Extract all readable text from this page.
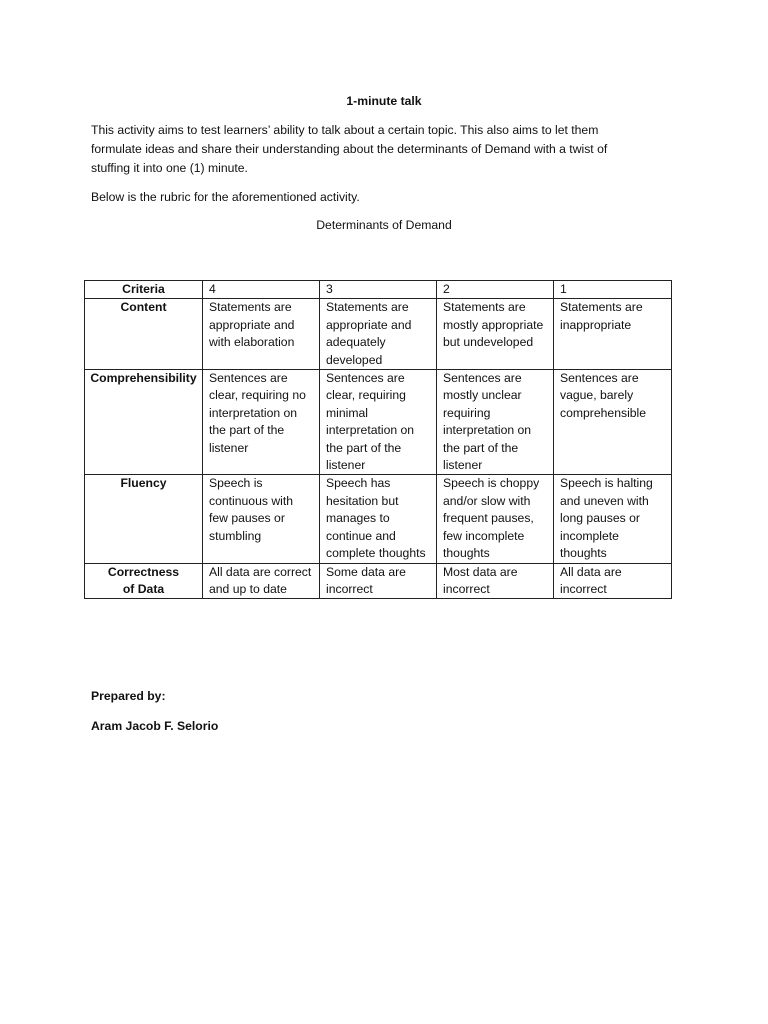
1-minute talk

This activity aims to test learners’ ability to talk about a certain topic. This also aims to let them
formulate ideas and share their understanding about the determinants of Demand with a twist of
stuffing it into one (1) minute.

Below is the rubric for the aforementioned activity.

Determinants of Demand
Criteria	4	3	2	1
Content	Statements are appropriate and with elaboration	Statements are appropriate and adequately developed	Statements are mostly appropriate but undeveloped	Statements are inappropriate
Comprehensibility	Sentences are clear, requiring no interpretation on the part of the listener	Sentences are clear, requiring minimal interpretation on the part of the listener	Sentences are mostly unclear requiring interpretation on the part of the listener	Sentences are vague, barely comprehensible
Fluency	Speech is continuous with few pauses or stumbling	Speech has hesitation but manages to continue and complete thoughts	Speech is choppy and/or slow with frequent pauses, few incomplete thoughts	Speech is halting and uneven with long pauses or incomplete thoughts
Correctness of Data	All data are correct and up to date	Some data are incorrect	Most data are incorrect	All data are incorrect
Prepared by:
Aram Jacob F. Selorio
